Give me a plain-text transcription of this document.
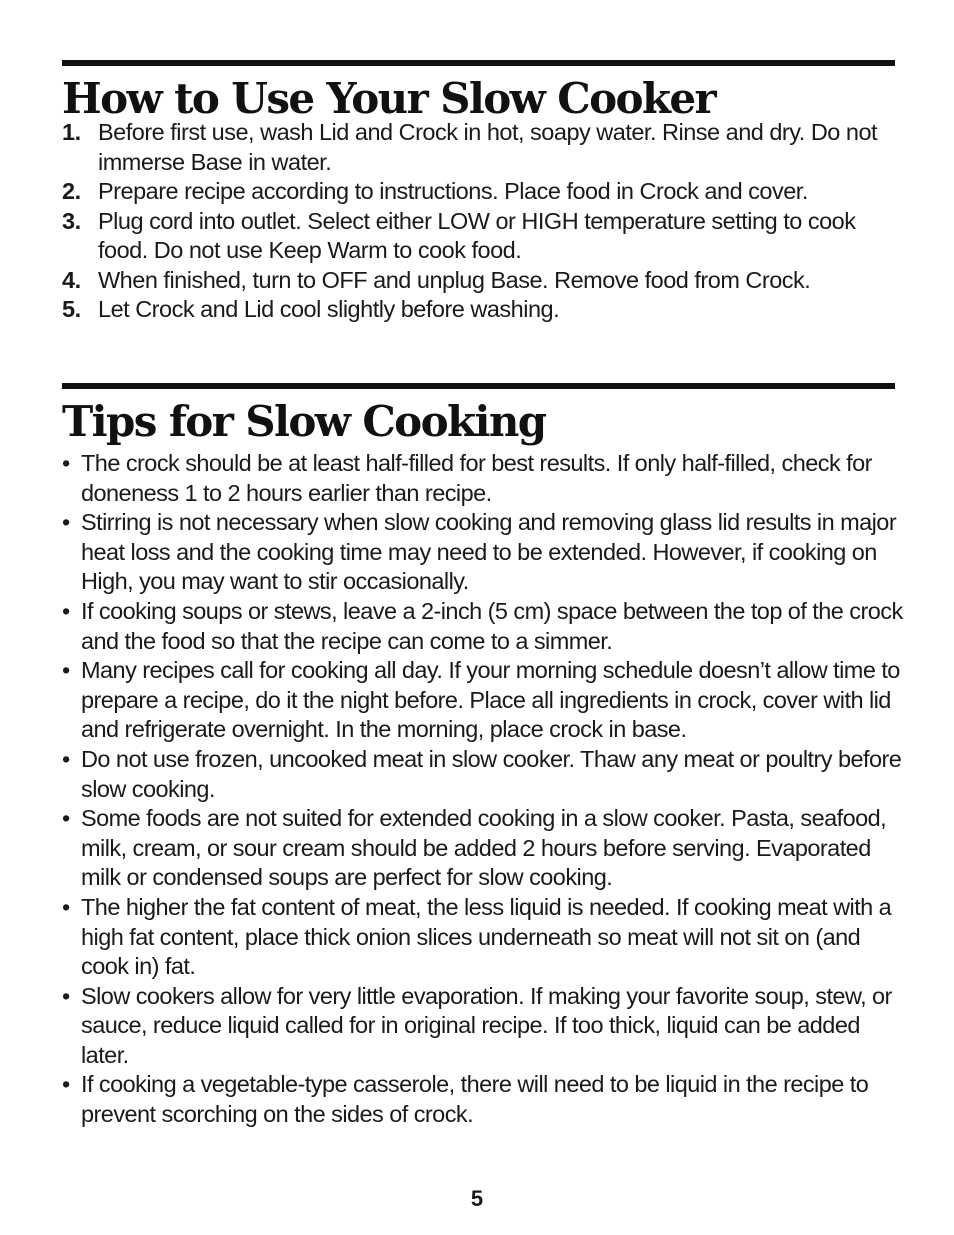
How to Use Your Slow Cooker
1. Before first use, wash Lid and Crock in hot, soapy water. Rinse and dry. Do not immerse Base in water.
2. Prepare recipe according to instructions. Place food in Crock and cover.
3. Plug cord into outlet. Select either LOW or HIGH temperature setting to cook food. Do not use Keep Warm to cook food.
4. When finished, turn to OFF and unplug Base. Remove food from Crock.
5. Let Crock and Lid cool slightly before washing.
Tips for Slow Cooking
• The crock should be at least half-filled for best results. If only half-filled, check for doneness 1 to 2 hours earlier than recipe.
• Stirring is not necessary when slow cooking and removing glass lid results in major heat loss and the cooking time may need to be extended. However, if cooking on High, you may want to stir occasionally.
• If cooking soups or stews, leave a 2-inch (5 cm) space between the top of the crock and the food so that the recipe can come to a simmer.
• Many recipes call for cooking all day. If your morning schedule doesn’t allow time to prepare a recipe, do it the night before. Place all ingredients in crock, cover with lid and refrigerate overnight. In the morning, place crock in base.
• Do not use frozen, uncooked meat in slow cooker. Thaw any meat or poultry before slow cooking.
• Some foods are not suited for extended cooking in a slow cooker. Pasta, seafood, milk, cream, or sour cream should be added 2 hours before serving. Evaporated milk or condensed soups are perfect for slow cooking.
• The higher the fat content of meat, the less liquid is needed. If cooking meat with a high fat content, place thick onion slices underneath so meat will not sit on (and cook in) fat.
• Slow cookers allow for very little evaporation. If making your favorite soup, stew, or sauce, reduce liquid called for in original recipe. If too thick, liquid can be added later.
• If cooking a vegetable-type casserole, there will need to be liquid in the recipe to prevent scorching on the sides of crock.
5
